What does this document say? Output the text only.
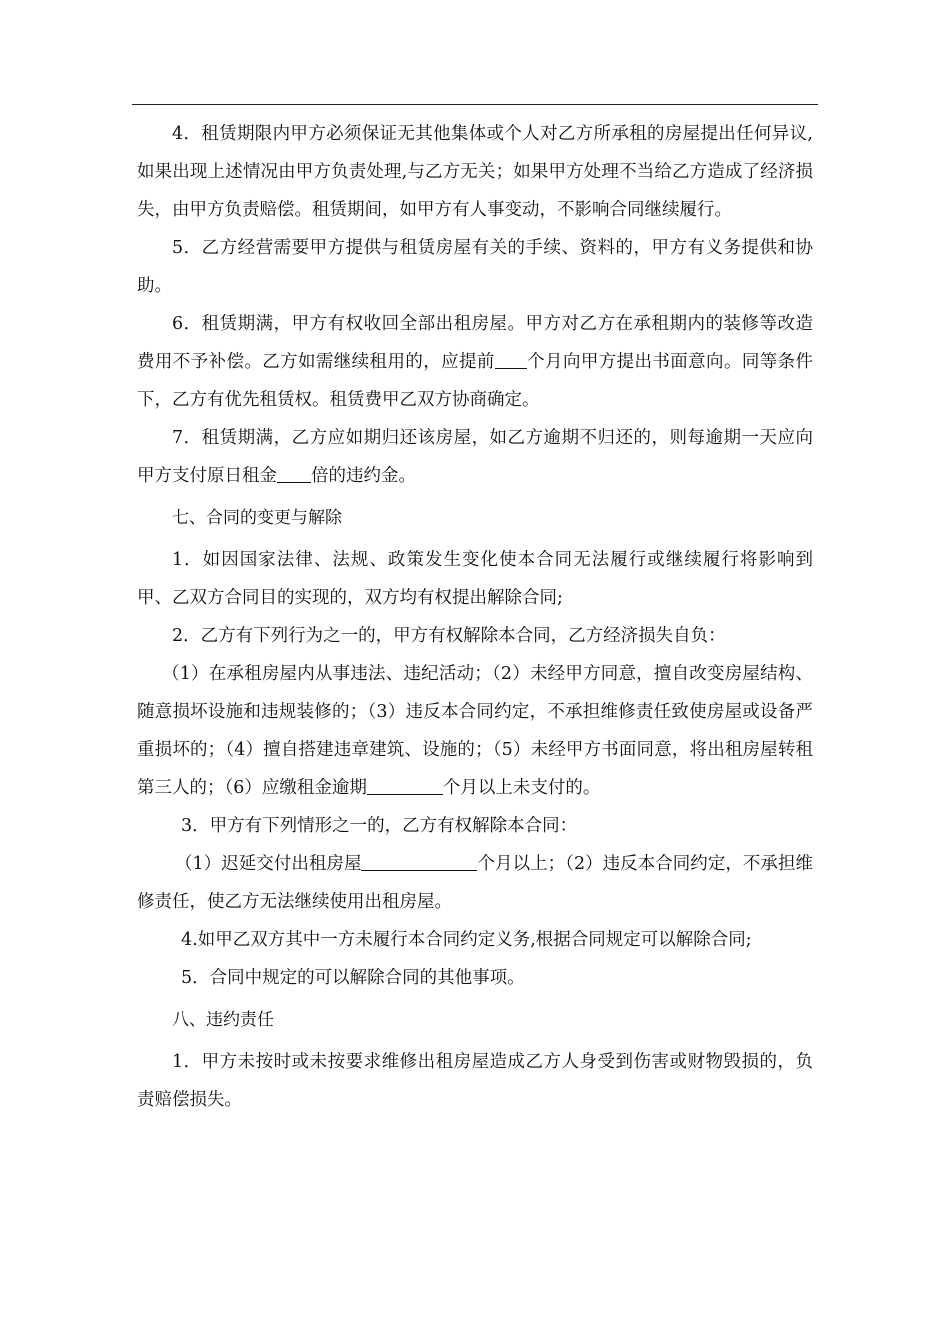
4．租赁期限内甲方必须保证无其他集体或个人对乙方所承租的房屋提出任何异议,如果出现上述情况由甲方负责处理,与乙方无关；如果甲方处理不当给乙方造成了经济损失，由甲方负责赔偿。租赁期间，如甲方有人事变动，不影响合同继续履行。

5．乙方经营需要甲方提供与租赁房屋有关的手续、资料的，甲方有义务提供和协助。

6．租赁期满，甲方有权收回全部出租房屋。甲方对乙方在承租期内的装修等改造费用不予补偿。乙方如需继续租用的，应提前 个月向甲方提出书面意向。同等条件下，乙方有优先租赁权。租赁费甲乙双方协商确定。

7．租赁期满，乙方应如期归还该房屋，如乙方逾期不归还的，则每逾期一天应向甲方支付原日租金 倍的违约金。

七、合同的变更与解除

1．如因国家法律、法规、政策发生变化使本合同无法履行或继续履行将影响到甲、乙双方合同目的实现的，双方均有权提出解除合同;

2．乙方有下列行为之一的，甲方有权解除本合同，乙方经济损失自负：

（1）在承租房屋内从事违法、违纪活动；（2）未经甲方同意，擅自改变房屋结构、随意损坏设施和违规装修的；（3）违反本合同约定，不承担维修责任致使房屋或设备严重损坏的；（4）擅自搭建违章建筑、设施的；（5）未经甲方书面同意，将出租房屋转租第三人的；（6）应缴租金逾期	个月以上未支付的。

3．甲方有下列情形之一的，乙方有权解除本合同：

（1）迟延交付出租房屋	个月以上；（2）违反本合同约定，不承担维修责任，使乙方无法继续使用出租房屋。

4.如甲乙双方其中一方未履行本合同约定义务,根据合同规定可以解除合同;

5．合同中规定的可以解除合同的其他事项。

八、违约责任

1．甲方未按时或未按要求维修出租房屋造成乙方人身受到伤害或财物毁损的，负责赔偿损失。
